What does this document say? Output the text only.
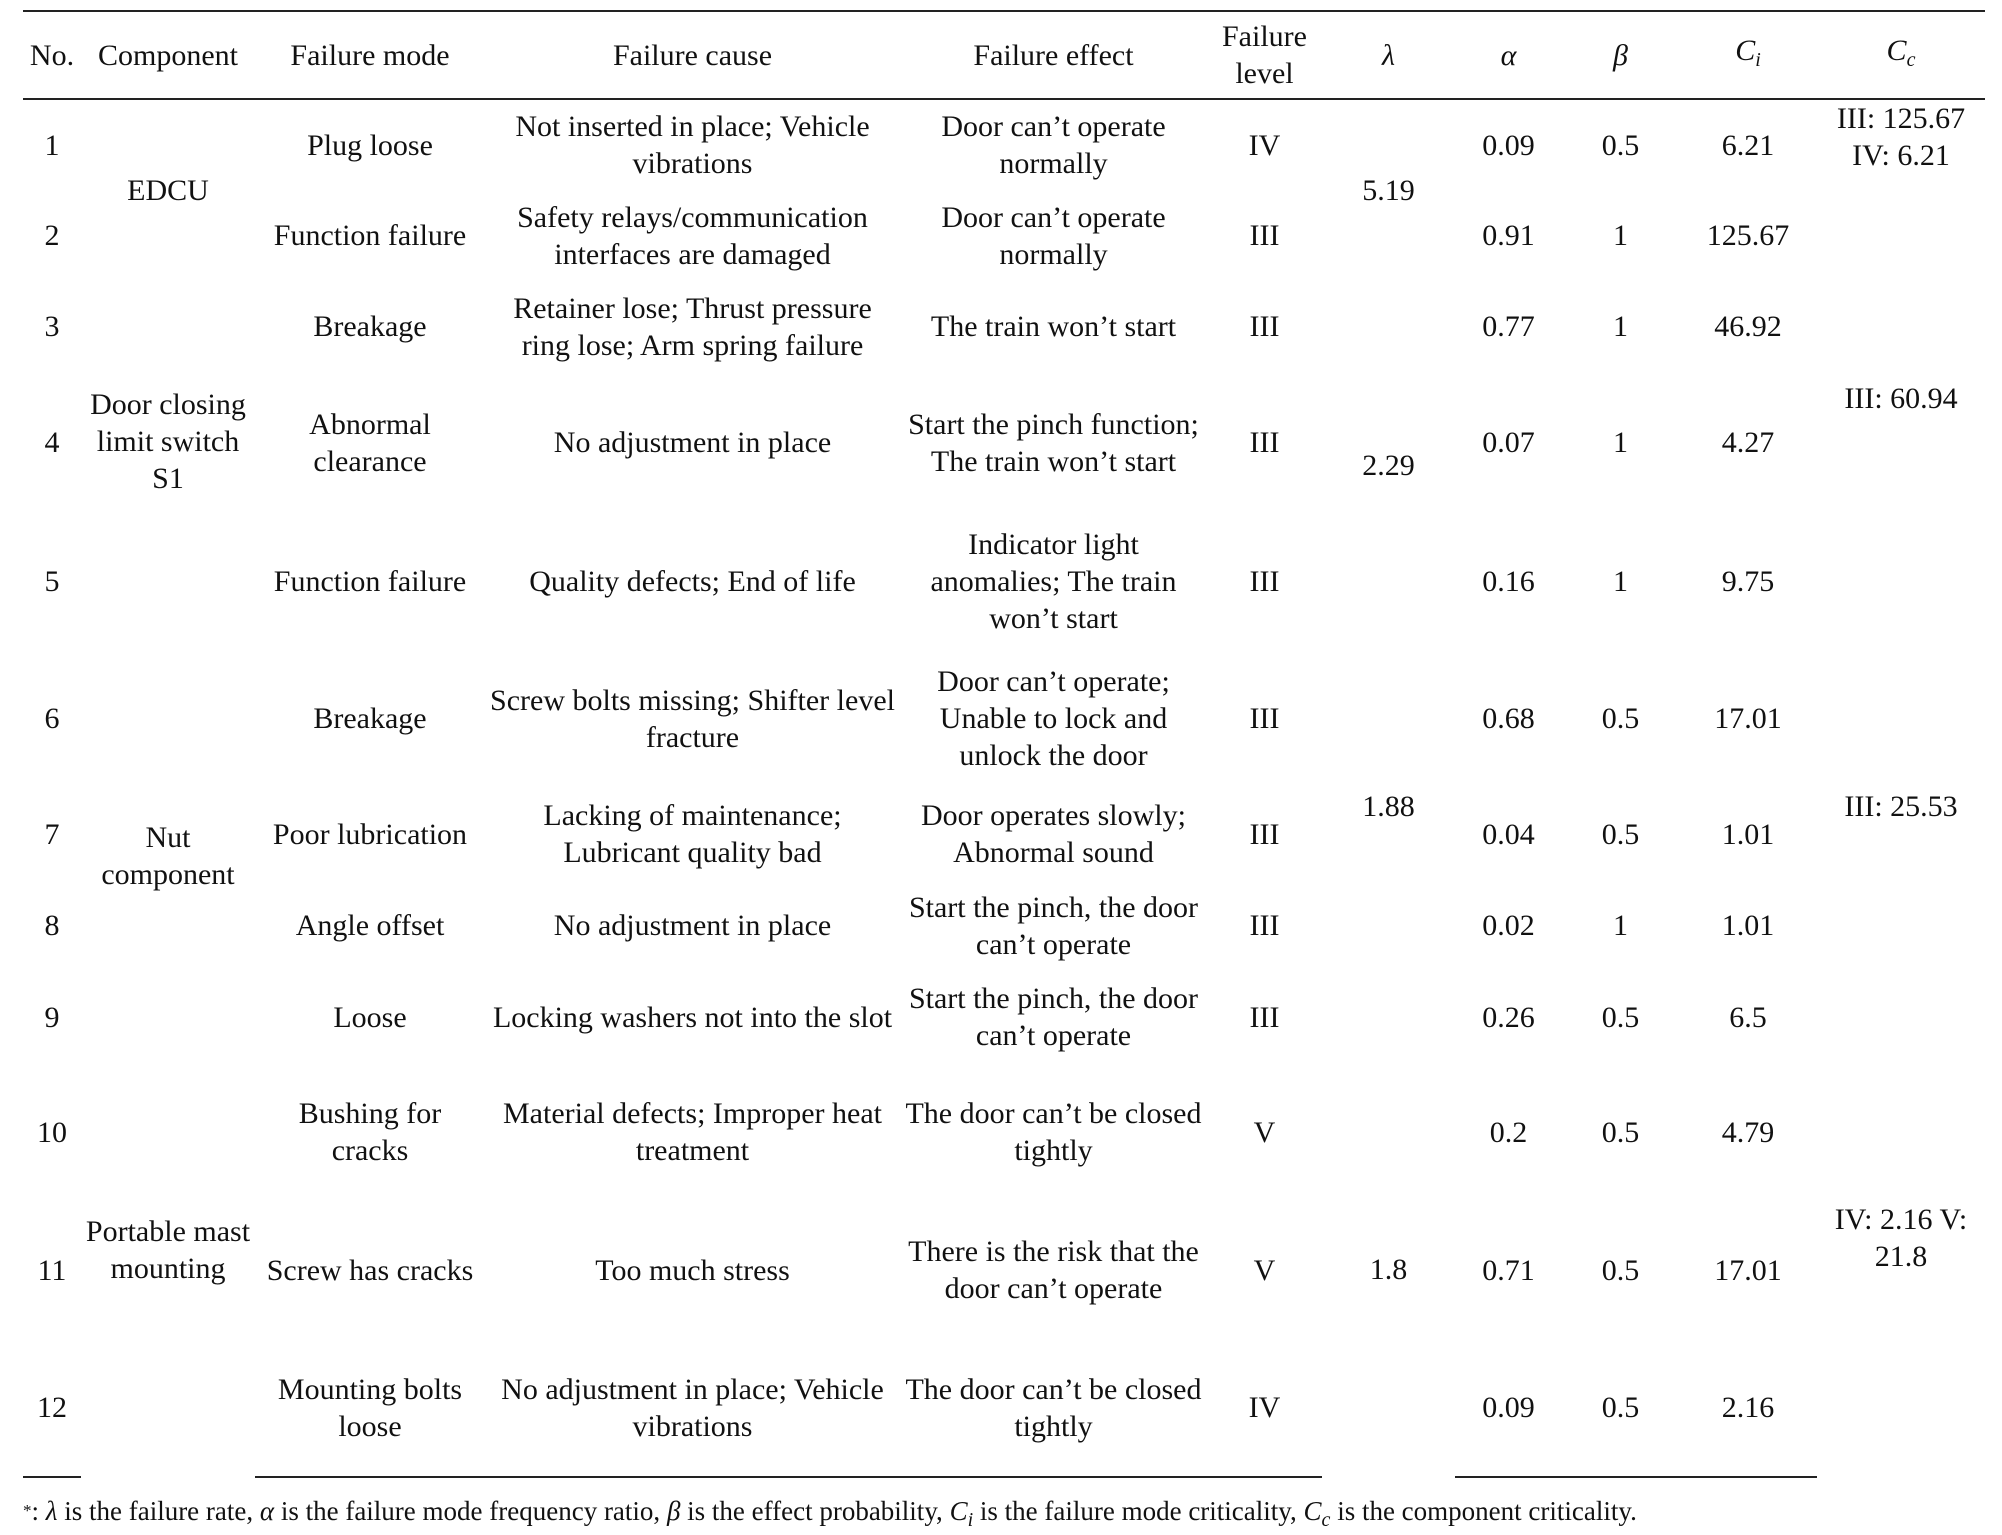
No.	Component	Failure mode	Failure cause	Failure effect	Failure level	λ	α	β	$C_i$	$C_c$
1	EDCU	Plug loose	Not inserted in place; Vehicle vibrations	Door can’t operate normally	IV	5.19	0.09	0.5	6.21	III: 125.67 IV: 6.21
2		Function failure	Safety relays/communication interfaces are damaged	Door can’t operate normally	III		0.91	1	125.67	
3	Door closing limit switch S1	Breakage	Retainer lose; Thrust pressure ring lose; Arm spring failure	The train won’t start	III	2.29	0.77	1	46.92	
4		Abnormal clearance	No adjustment in place	Start the pinch function; The train won’t start	III		0.07	1	4.27	III: 60.94
5		Function failure	Quality defects; End of life	Indicator light anomalies; The train won’t start	III		0.16	1	9.75	
6	Nut component	Breakage	Screw bolts missing; Shifter level fracture	Door can’t operate; Unable to lock and unlock the door	III	1.88	0.68	0.5	17.01	III: 25.53
7		Poor lubrication	Lacking of maintenance; Lubricant quality bad	Door operates slowly; Abnormal sound	III		0.04	0.5	1.01	
8		Angle offset	No adjustment in place	Start the pinch, the door can’t operate	III		0.02	1	1.01	
9		Loose	Locking washers not into the slot	Start the pinch, the door can’t operate	III		0.26	0.5	6.5	
10	Portable mast mounting	Bushing for cracks	Material defects; Improper heat treatment	The door can’t be closed tightly	V		0.2	0.5	4.79	
11		Screw has cracks	Too much stress	There is the risk that the door can’t operate	V	1.8	0.71	0.5	17.01	IV: 2.16 V: 21.8
12		Mounting bolts loose	No adjustment in place; Vehicle vibrations	The door can’t be closed tightly	IV		0.09	0.5	2.16	
*: λ is the failure rate, α is the failure mode frequency ratio, β is the effect probability, $C_i$ is the failure mode criticality, $C_c$ is the component criticality.
